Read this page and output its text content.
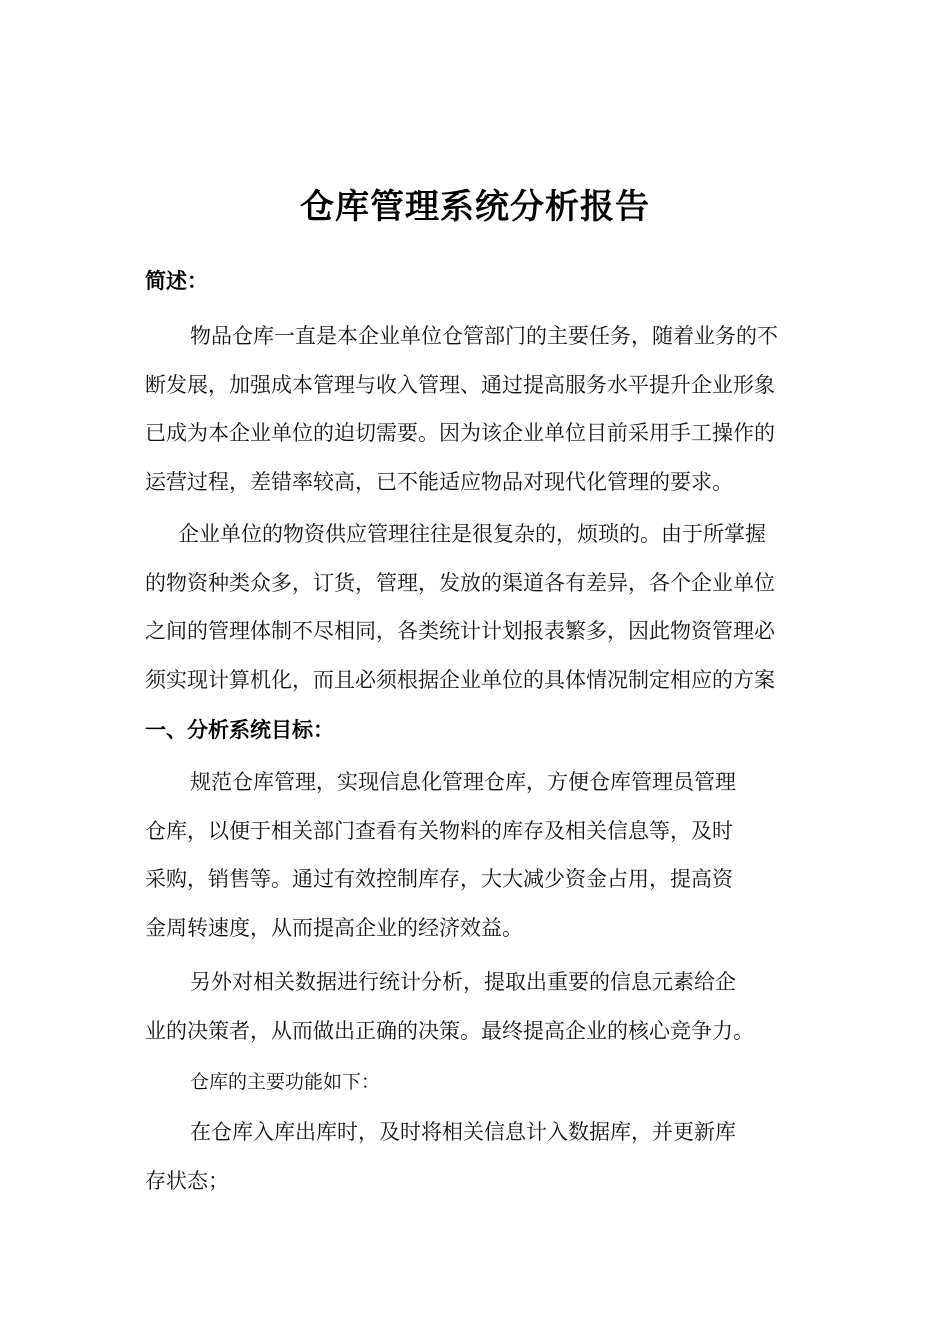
仓库管理系统分析报告
简述：
物品仓库一直是本企业单位仓管部门的主要任务，随着业务的不
断发展，加强成本管理与收入管理、通过提高服务水平提升企业形象
已成为本企业单位的迫切需要。因为该企业单位目前采用手工操作的
运营过程，差错率较高，已不能适应物品对现代化管理的要求。
企业单位的物资供应管理往往是很复杂的，烦琐的。由于所掌握
的物资种类众多，订货，管理，发放的渠道各有差异，各个企业单位
之间的管理体制不尽相同，各类统计计划报表繁多，因此物资管理必
须实现计算机化，而且必须根据企业单位的具体情况制定相应的方案
一、分析系统目标：
规范仓库管理，实现信息化管理仓库，方便仓库管理员管理
仓库，以便于相关部门查看有关物料的库存及相关信息等，及时
采购，销售等。通过有效控制库存，大大减少资金占用，提高资
金周转速度，从而提高企业的经济效益。
另外对相关数据进行统计分析，提取出重要的信息元素给企
业的决策者，从而做出正确的决策。最终提高企业的核心竞争力。
仓库的主要功能如下：
在仓库入库出库时，及时将相关信息计入数据库，并更新库
存状态；
